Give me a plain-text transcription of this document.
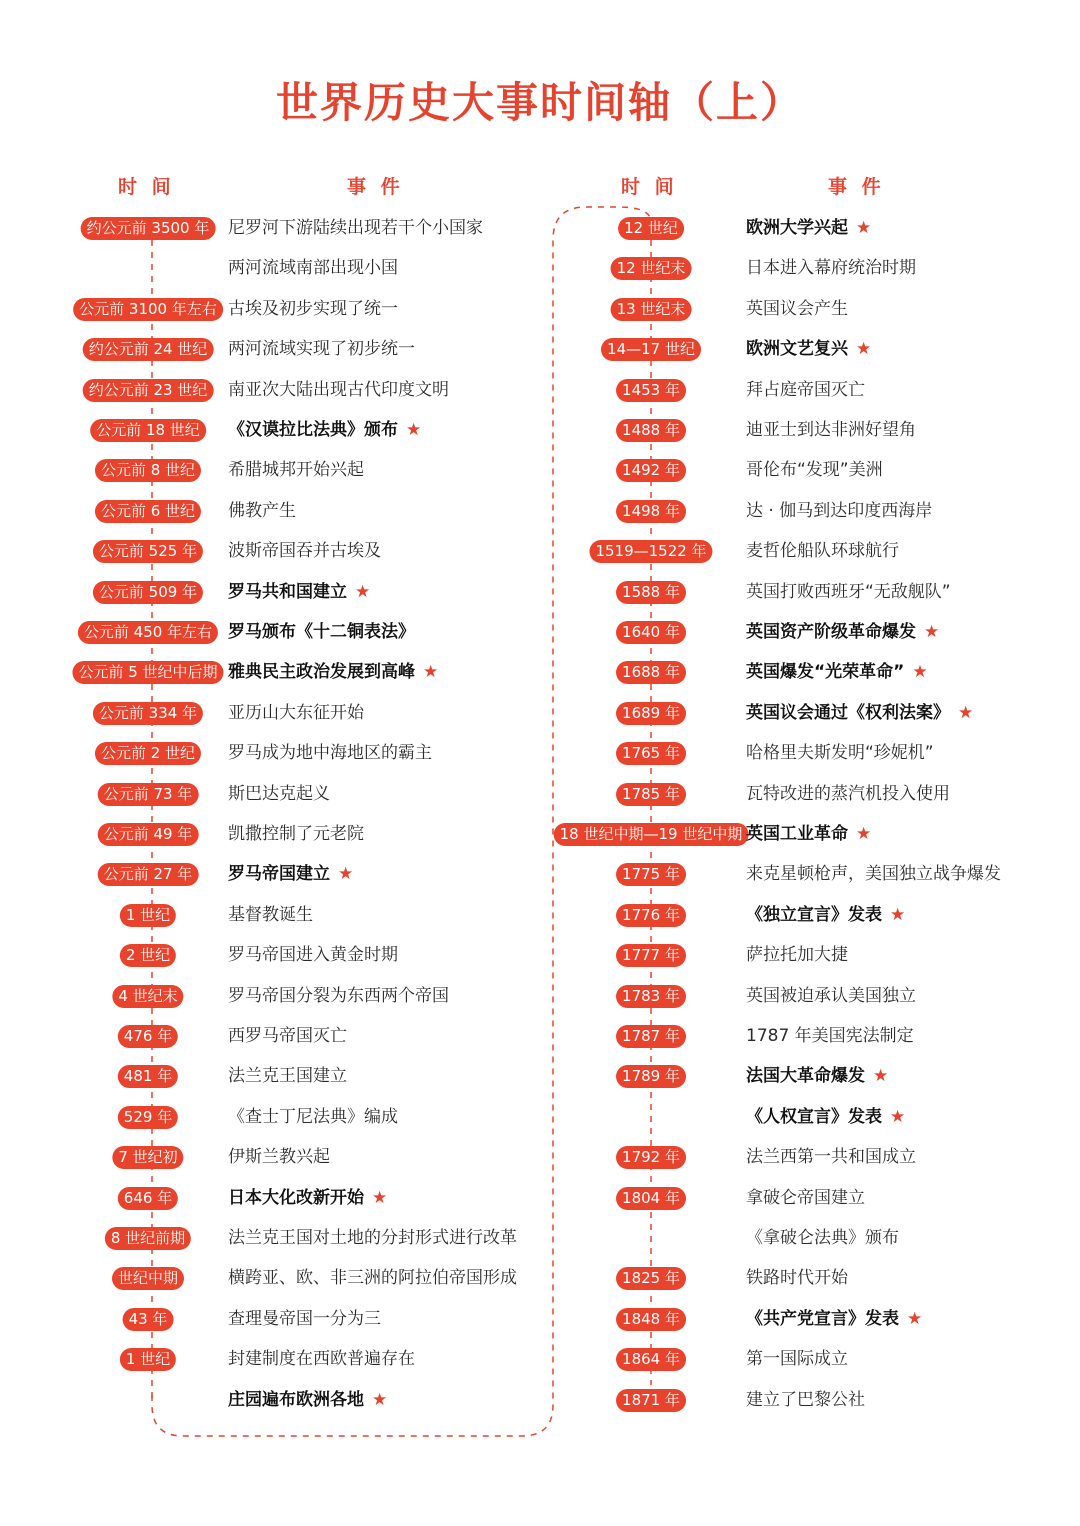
世界历史大事时间轴（上）
时 间	事 件	时 间	事 件
约公元前 3500 年	尼罗河下游陆续出现若干个小国家
两河流域南部出现小国
公元前 3100 年左右 古埃及初步实现了统一
约公元前 24 世纪	两河流域实现了初步统一
约公元前 23 世纪	南亚次大陆出现古代印度文明
公元前 18 世纪	《汉谟拉比法典》颁布 ★
公元前 8 世纪	希腊城邦开始兴起
公元前 6 世纪	佛教产生
公元前 525 年	波斯帝国吞并古埃及
公元前 509 年	罗马共和国建立 ★
公元前 450 年左右 罗马颁布《十二铜表法》
公元前 5 世纪中后期 雅典民主政治发展到高峰 ★
公元前 334 年	亚历山大东征开始
公元前 2 世纪	罗马成为地中海地区的霸主
公元前 73 年	斯巴达克起义
公元前 49 年	凯撒控制了元老院
公元前 27 年	罗马帝国建立 ★
1 世纪	基督教诞生
2 世纪	罗马帝国进入黄金时期
4 世纪末	罗马帝国分裂为东西两个帝国
476 年	西罗马帝国灭亡
481 年	法兰克王国建立
529 年	《查士丁尼法典》编成
7 世纪初	伊斯兰教兴起
646 年	日本大化改新开始 ★
8 世纪前期	法兰克王国对土地的分封形式进行改革
世纪中期	横跨亚、欧、非三洲的阿拉伯帝国形成
43 年	查理曼帝国一分为三
1 世纪	封建制度在西欧普遍存在
庄园遍布欧洲各地 ★
12 世纪	欧洲大学兴起 ★
12 世纪末	日本进入幕府统治时期
13 世纪末	英国议会产生
14—17 世纪	欧洲文艺复兴 ★
1453 年	拜占庭帝国灭亡
1488 年	迪亚士到达非洲好望角
1492 年	哥伦布“发现”美洲
1498 年	达 · 伽马到达印度西海岸
1519—1522 年	麦哲伦船队环球航行
1588 年	英国打败西班牙“无敌舰队”
1640 年	英国资产阶级革命爆发 ★
1688 年	英国爆发“光荣革命” ★
1689 年	英国议会通过《权利法案》 ★
1765 年	哈格里夫斯发明“珍妮机”
1785 年	瓦特改进的蒸汽机投入使用
18 世纪中期—19 世纪中期 英国工业革命 ★
1775 年	来克星顿枪声，美国独立战争爆发
1776 年	《独立宣言》发表 ★
1777 年	萨拉托加大捷
1783 年	英国被迫承认美国独立
1787 年	1787 年美国宪法制定
1789 年	法国大革命爆发 ★
《人权宣言》发表 ★
1792 年	法兰西第一共和国成立
1804 年	拿破仑帝国建立
《拿破仑法典》颁布
1825 年	铁路时代开始
1848 年	《共产党宣言》发表 ★
1864 年	第一国际成立
1871 年	建立了巴黎公社
